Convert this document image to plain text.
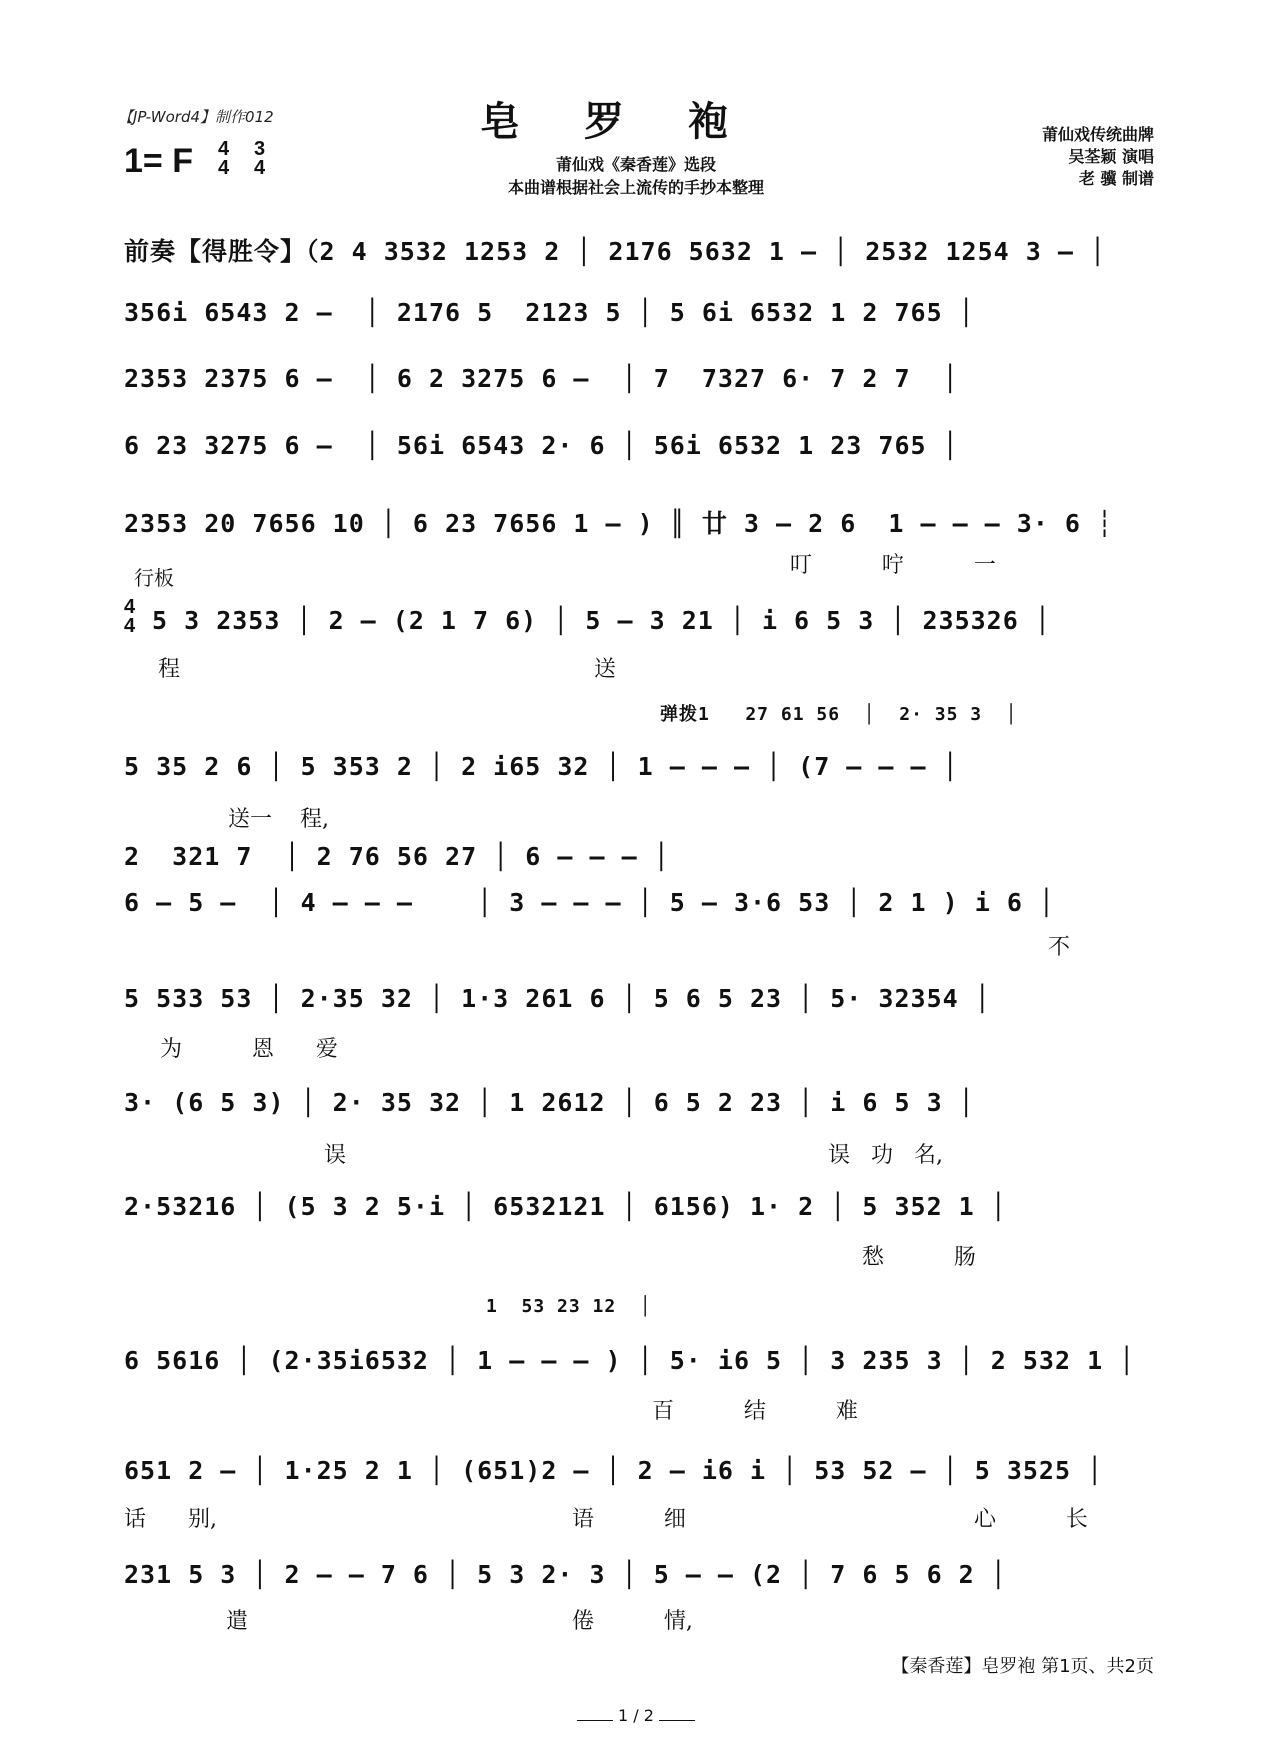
【JP-Word4】制作012	皂罗袍
莆仙戏《秦香莲》选段
本曲谱根据社会上流传的手抄本整理
莆仙戏传统曲牌
吴荃颖 演唱
老 骥 制谱
1= F 4
4
3
4
前奏【得胜令】（2 4 3532 1253 2 │ 2176 5632 1 – │ 2532 1254 3 – │
356i 6543 2 –  │ 2176 5  2123 5 │ 5 6i 6532 1 2 765 │
2353 2375 6 –  │ 6 2 3275 6 –  │ 7  7327 6· 7 2 7  │
6 23 3275 6 –  │ 56i 6543 2· 6 │ 56i 6532 1 23 765 │
2353 20 7656 10 │ 6 23 7656 1 – ) ║ 廿 3 – 2 6  1 – – – 3· 6 ┆
叮          咛          一
行板
4
4 5 3 2353 │ 2 – (2 1 7 6) │ 5 – 3 21 │ i 6 5 3 │ 235326 │
程	送
弹拨1   27 61 56  │  2· 35 3  │
5 35 2 6 │ 5 353 2 │ 2 i65 32 │ 1 – – – │ (7 – – – │
送一    程,
2  321 7  │ 2 76 56 27 │ 6 – – – │
6 – 5 –  │ 4 – – –    │ 3 – – – │ 5 – 3·6 53 │ 2 1 ) i 6 │
不
5 533 53 │ 2·35 32 │ 1·3 261 6 │ 5 6 5 23 │ 5· 32354 │
为          恩      爱
3· (6 5 3) │ 2· 35 32 │ 1 2612 │ 6 5 2 23 │ i 6 5 3 │
误	误   功   名,
2·53216 │ (5 3 2 5·i │ 6532121 │ 6156) 1· 2 │ 5 352 1 │
愁          肠
1  53 23 12  │
6 5616 │ (2·35i6532 │ 1 – – – ) │ 5· i6 5 │ 3 235 3 │ 2 532 1 │
百          结          难
651 2 – │ 1·25 2 1 │ (651)2 – │ 2 – i6 i │ 53 52 – │ 5 3525 │
话      别,	语          细	心          长
231 5 3 │ 2 – – 7 6 │ 5 3 2· 3 │ 5 – – (2 │ 7 6 5 6 2 │
遣	倦          情,
【秦香莲】皂罗袍 第1页、共2页
1 / 2
